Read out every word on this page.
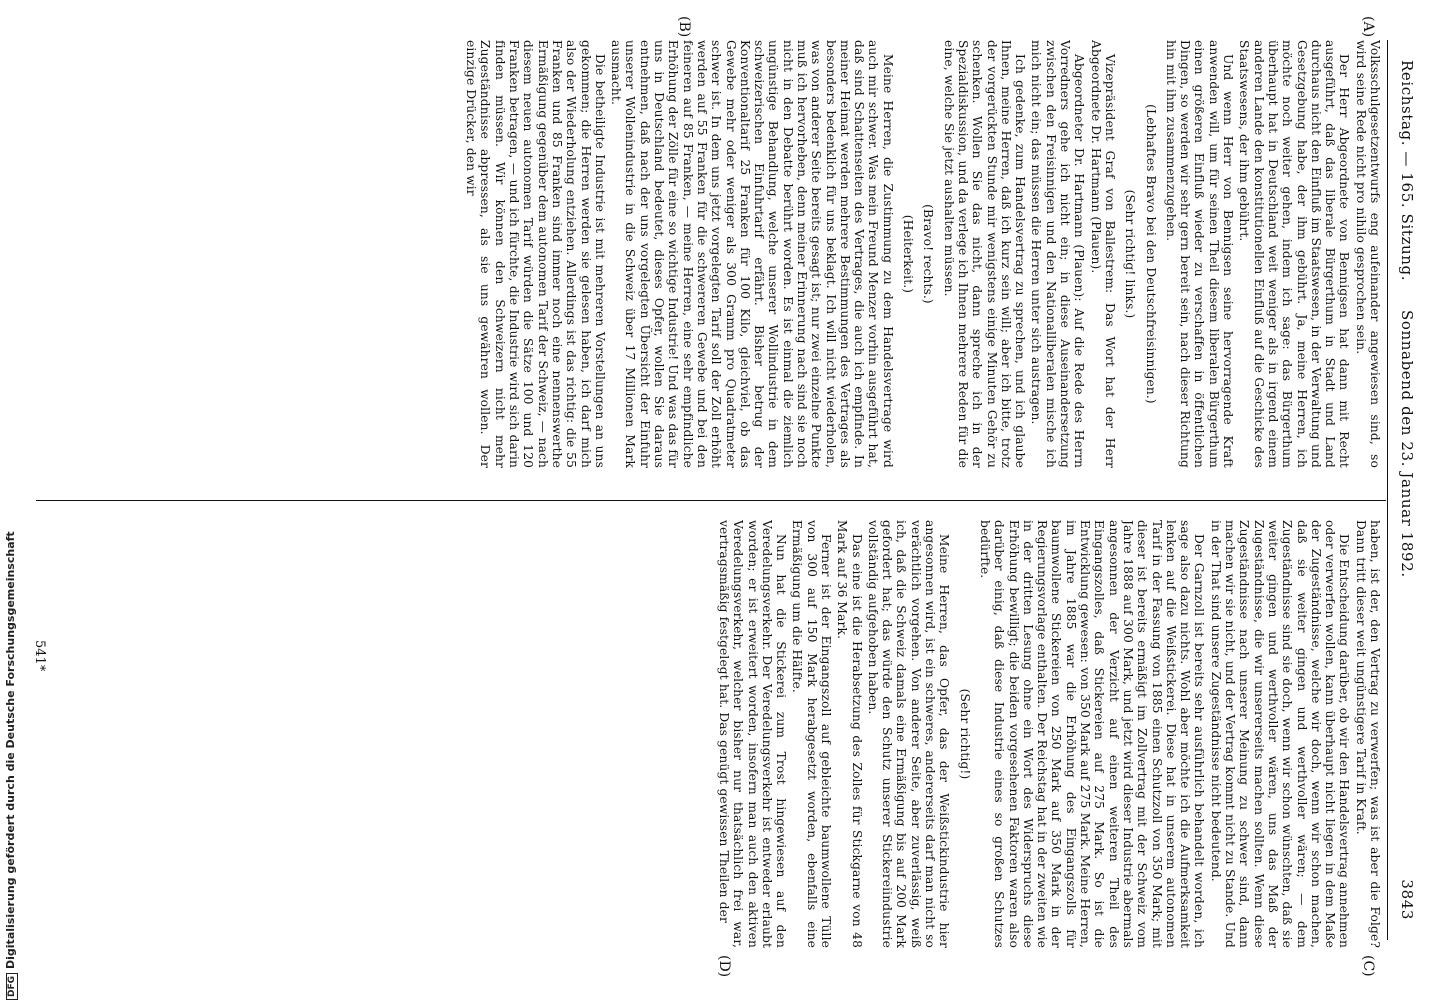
Reichstag. — 165. Sitzung.
Sonnabend den 23. Januar 1892.
3843
(A)
(B)
(C)
(D)

Volksschulgesetzentwurfs eng aufeinander angewiesen sind, so wird seine Rede nicht pro nihilo gesprochen sein.

Der Herr Abgeordnete von Bennigsen hat dann mit Recht ausgeführt, daß das liberale Bürgerthum in Stadt und Land durchaus nicht den Einfluß im Staatswesen, in der Verwaltung und Gesetzgebung habe, der ihm gebührt. Ja, meine Herren, ich möchte noch weiter gehen, indem ich sage: das Bürgerthum überhaupt hat in Deutschland weit weniger als in irgend einem anderen Lande den konstitutionellen Einfluß auf die Geschicke des Staatswesens, der ihm gebührt.

Und wenn Herr von Bennigsen seine hervorragende Kraft anwenden will, um für seinen Theil diesem liberalen Bürgerthum einen größeren Einfluß wieder zu verschaffen in öffentlichen Dingen, so werden wir sehr gern bereit sein, nach dieser Richtung hin mit ihm zusammenzugehen.

(Lebhaftes Bravo bei den Deutschfreisinnigen.)

(Sehr richtig! links.)

Vizepräsident Graf von Ballestrem: Das Wort hat der Herr Abgeordnete Dr. Hartmann (Plauen).

Abgeordneter Dr. Hartmann (Plauen): Auf die Rede des Herrn Vorredners gehe ich nicht ein; in diese Auseinandersetzung zwischen den Freisinnigen und den Nationalliberalen mische ich mich nicht ein; das müssen die Herren unter sich austragen.

Ich gedenke, zum Handelsvertrag zu sprechen, und ich glaube Ihnen, meine Herren, daß ich kurz sein will; aber ich bitte, trotz der vorgerückten Stunde mir wenigstens einige Minuten Gehör zu schenken. Wollen Sie das nicht, dann spreche ich in der Spezialdiskussion, und da verlege ich Ihnen mehrere Reden für die eine, welche Sie jetzt aushalten müssen.

(Bravo! rechts.)

(Heiterkeit.)

Meine Herren, die Zustimmung zu dem Handelsvertrage wird auch mir schwer. Was mein Freund Menzer vorhin ausgeführt hat, daß sind Schattenseiten des Vertrages, die auch ich empfinde. In meiner Heimat werden mehrere Bestimmungen des Vertrages als besonders bedenklich für uns beklagt. Ich will nicht wiederholen, was von anderer Seite bereits gesagt ist; nur zwei einzelne Punkte muß ich hervorheben, denn meiner Erinnerung nach sind sie noch nicht in den Debatte berührt worden. Es ist einmal die ziemlich ungünstige Behandlung, welche unserer Wollindustrie in dem schweizerischen Einfuhrtarif erfährt. Bisher betrug der Konventionaltarif 25 Franken für 100 Kilo, gleichviel, ob das Gewebe mehr oder weniger als 300 Gramm pro Quadratmeter schwer ist. In dem uns jetzt vorgelegten Tarif soll der Zoll erhöht werden auf 55 Franken für die schwereren Gewebe und bei den feineren auf 85 Franken, — meine Herren, eine sehr empfindliche Erhöhung der Zölle für eine so wichtige Industrie! Und was das für uns in Deutschland bedeutet, dieses Opfer, wollen Sie daraus entnehmen, daß nach der uns vorgelegten Übersicht der Einfuhr unserer Wollenindustrie in die Schweiz über 17 Millionen Mark ausmacht.

Die betheiligte Industrie ist mit mehreren Vorstellungen an uns gekommen; die Herren werden sie gelesen haben, ich darf mich also der Wiederholung entziehen. Allerdings ist das richtig: die 55 Franken und 85 Franken sind immer noch eine nennenswerthe Ermäßigung gegenüber dem autonomen Tarif der Schweiz, — nach diesem neuen autonomen Tarif würden die Sätze 100 und 120 Franken betragen, — und ich fürchte, die Industrie wird sich darin finden müssen. Wir können den Schweizern nicht mehr Zugeständnisse abpressen, als sie uns gewähren wollen. Der einzige Drücker, den wir

haben, ist der, den Vertrag zu verwerfen; was ist aber die Folge? Dann tritt dieser weit ungünstigere Tarif in Kraft.

Die Entscheidung darüber, ob wir den Handelsvertrag annehmen oder verwerfen wollen, kann überhaupt nicht liegen in dem Maße der Zugeständnisse, welche wir doch, wenn wir schon machen, daß sie weiter gingen und werthvoller wären; — dem Zugeständnisse sind sie doch, wenn wir schon wünschten, daß sie weiter gingen und werthvoller wären, uns das Maß der Zugeständnisse, die wir unsererseits machen sollten. Wenn diese Zugeständnisse nach unserer Meinung zu schwer sind, dann machen wir sie nicht, und der Vertrag kommt nicht zu Stande. Und in der That sind unsere Zugeständnisse nicht bedeutend.

Der Garnzoll ist bereits sehr ausführlich behandelt worden, ich sage also dazu nichts. Wohl aber möchte ich die Aufmerksamkeit lenken auf die Weißstickerei. Diese hat in unserem autonomen Tarif in der Fassung von 1885 einen Schutzzoll von 350 Mark; mit dieser ist bereits ermäßigt im Zollvertrag mit der Schweiz vom Jahre 1888 auf 300 Mark, und jetzt wird dieser Industrie abermals angesonnen der Verzicht auf einen weiteren Theil des Eingangszolles, daß Stickereien auf 275 Mark. So ist die Entwicklung gewesen: von 350 Mark auf 275 Mark. Meine Herren, im Jahre 1885 war die Erhöhung des Eingangszolls für baumwollene Stickereien von 250 Mark auf 350 Mark in der Regierungsvorlage enthalten. Der Reichstag hat in der zweiten wie in der dritten Lesung ohne ein Wort des Widerspruchs diese Erhöhung bewilligt; die beiden vorgesehenen Faktoren waren also darüber einig, daß diese Industrie eines so großen Schutzes bedürfte.

(Sehr richtig!)

Meine Herren, das Opfer, das der Weißstickindustrie hier angesonnen wird, ist ein schweres, andererseits darf man nicht so verächtlich vorgehen. Von anderer Seite, aber zuverlässig, weiß ich, daß die Schweiz damals eine Ermäßigung bis auf 200 Mark gefordert hat; das würde den Schutz unserer Stickereiindustrie vollständig aufgehoben haben.

Das eine ist die Herabsetzung des Zolles für Stickgarne von 48 Mark auf 36 Mark.

Ferner ist der Eingangszoll auf gebleichte baumwollene Tülle von 300 auf 150 Mark herabgesetzt worden, ebenfalls eine Ermäßigung um die Hälfte.

Nun hat die Stickerei zum Trost hingewiesen auf den Veredelungsverkehr. Der Veredelungsverkehr ist entweder erlaubt worden; er ist erweitert worden, insofern man auch den aktiven Veredelungsverkehr, welcher bisher nur thatsächlich frei war, vertragsmäßig festgelegt hat. Das genügt gewissen Theilen der

541*
DFGDigitalisierung gefördert durch die Deutsche Forschungsgemeinschaft
